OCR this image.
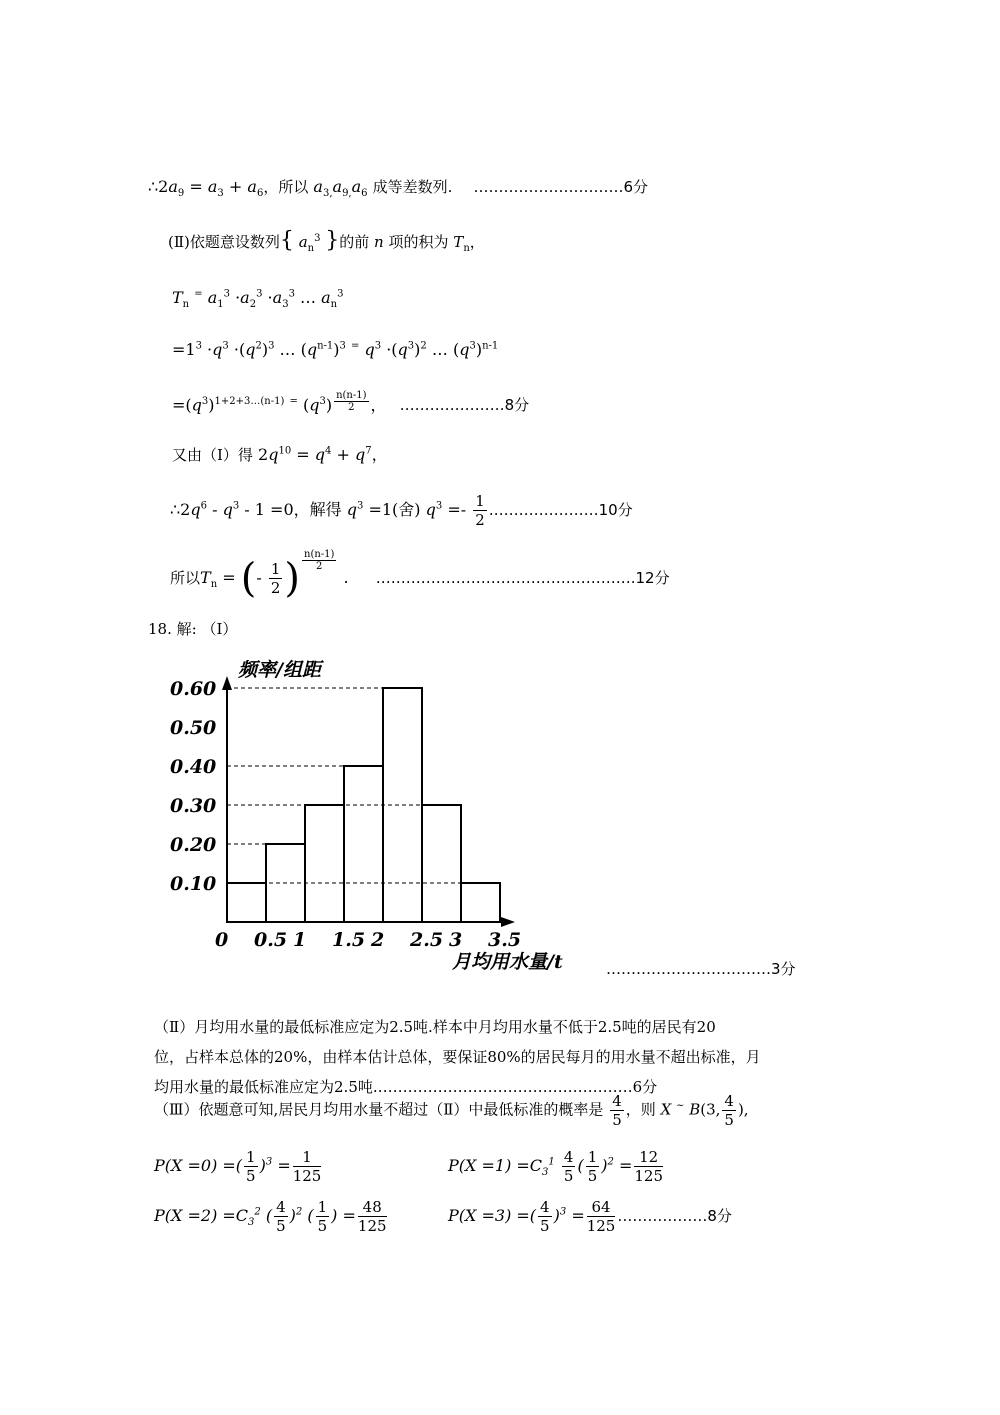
$\therefore 2a_9 = a_3 + a_6$，所以 $a_{3,}a_{9,}a_6$ 成等差数列. …………………………6分
(Ⅱ)依题意设数列{ $a_n^3$ }的前 n 项的积为 $T_n$，
$T_n$ = $a_1^3 \cdot a_2^3 \cdot a_3^3$ … $a_n^3$
$=1^3 \cdot q^3 \cdot(q^2)^3$ … $(q^{n-1})^3$ = $q^3 \cdot(q^3)^2$ … $(q^3)^{n-1}$
$=(q^3)^{1+2+3\dots(n-1)}$ = $(q^3)$ $^{\frac{n(n-1)}{2}}$ ， …………………8分
又由（Ⅰ）得 $2q^{10} = q^4 + q^7$，
$\therefore 2q^6 - q^3 - 1 =0$，解得 $q^3 =1$(舍) $q^3 =- \frac{1}{2}$ .…………………10分
所以$T_n$ = (- $\frac{1}{2}$ ) $^{\frac{n(n-1)}{2}}$
. …………………………………………….12分
18. 解: （Ⅰ）
0.60
0.50
0.40
0.30
0.20
0.10
0 0.5 1 1.5 2 2.5 3 3.5
频率/组距
月均用水量/t	……………………………3分
（Ⅱ）月均用水量的最低标准应定为2.5吨.样本中月均用水量不低于2.5吨的居民有20
位，占样本总体的20%，由样本估计总体，要保证80%的居民每月的用水量不超出标准，月
均用水量的最低标准应定为2.5吨.……………………………………………6分
（Ⅲ）依题意可知,居民月均用水量不超过（Ⅱ）中最低标准的概率是 $\frac{4}{5}$ ，则 X ~ B(3, $\frac{4}{5}$ ),
P(X =0) =( $\frac{1}{5} )^3 = \frac{1}{125}$	$P(X =1) =C_3^1 \frac{4}{5}$ ( $\frac{1}{5} )^2 = \frac{12}{125}$
$P(X =2) =C_3^2$ ( $\frac{4}{5} )^2$ ( $\frac{1}{5}$ ) = $\frac{48}{125}$	P(X =3) =( $\frac{4}{5} )^3 = \frac{64}{125}$ ………………8分
